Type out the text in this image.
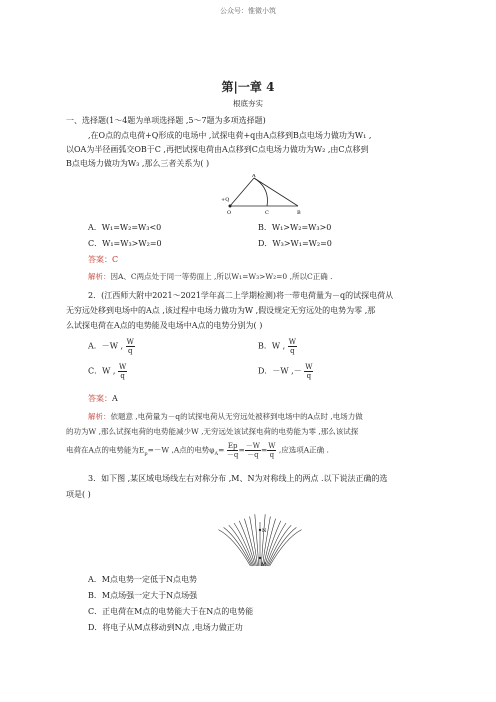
公众号：惟微小筑
第|一章 4
根底夯实
一、选择题(1～4题为单项选择题 ,5～7题为多项选择题)
,在O点的点电荷+Q形成的电场中 ,试探电荷+q由A点移到B点电场力做功为W₁ ,
以OA为半径画弧交OB于C ,再把试探电荷由A点移到C点电场力做功为W₂ ,由C点移到
B点电场力做功为W₃ ,那么三者关系为( )
A
+Q
O	C	B
A．W₁=W₂=W₃<0	B．W₁>W₂=W₃>0
C．W₁=W₃>W₂=0	D．W₃>W₁=W₂=0
答案：C
解析：因A、C两点处于同一等势面上 ,所以W₁=W₃>W₂=0 ,所以C正确 .
2．(江西师大附中2021～2021学年高二上学期检测)将一带电荷量为－q的试探电荷从
无穷远处移到电场中的A点 ,该过程中电场力做功为W ,假设规定无穷远处的电势为零 ,那
么试探电荷在A点的电势能及电场中A点的电势分别为( )
A．－W , $\frac{W}{q}$	B．W , $\frac{W}{q}$
C．W , $\frac{W}{q}$	D．－W ,－ $\frac{W}{q}$
答案：A
解析：依题意 ,电荷量为－q的试探电荷从无穷远处被移到电场中的A点时 ,电场力做
的功为W ,那么试探电荷的电势能减少W ,无穷远处该试探电荷的电势能为零 ,那么该试探
电荷在A点的电势能为$E_p=-W$ ,A点的电势$\varphi_A= \frac{Ep}{-q} = \frac{-W}{-q} = \frac{W}{q}$ ,应选项A正确 .
3．如下图 ,某区域电场线左右对称分布 ,M、N为对称线上的两点 .以下说法正确的选
项是( )
N
M
A．M点电势一定低于N点电势
B．M点场强一定大于N点场强
C．正电荷在M点的电势能大于在N点的电势能
D．将电子从M点移动到N点 ,电场力做正功
